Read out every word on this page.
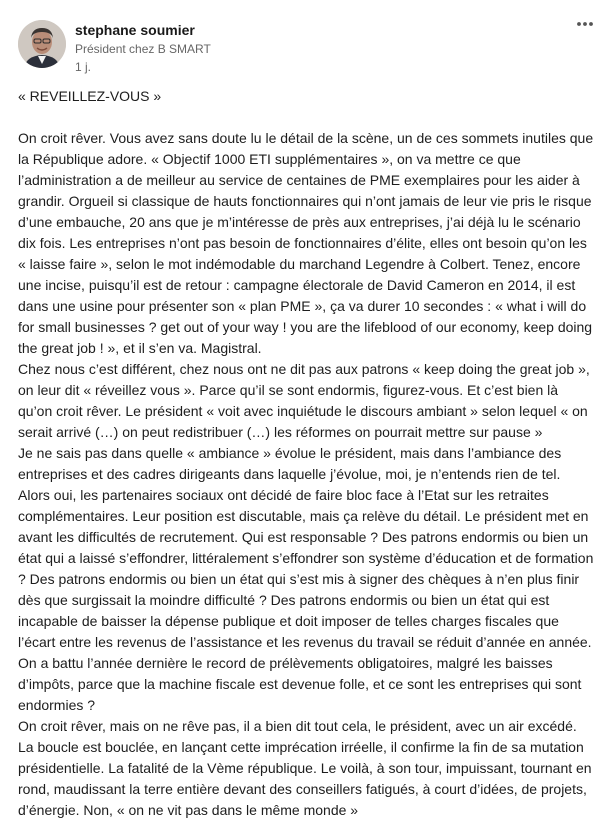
stephane soumier
Président chez B SMART
1 j.

« REVEILLEZ-VOUS »

On croit rêver. Vous avez sans doute lu le détail de la scène, un de ces sommets inutiles que la République adore. « Objectif 1000 ETI supplémentaires », on va mettre ce que l’administration a de meilleur au service de centaines de PME exemplaires pour les aider à grandir. Orgueil si classique de hauts fonctionnaires qui n’ont jamais de leur vie pris le risque d’une embauche, 20 ans que je m’intéresse de près aux entreprises, j’ai déjà lu le scénario dix fois. Les entreprises n’ont pas besoin de fonctionnaires d’élite, elles ont besoin qu’on les « laisse faire », selon le mot indémodable du marchand Legendre à Colbert. Tenez, encore une incise, puisqu’il est de retour : campagne électorale de David Cameron en 2014, il est dans une usine pour présenter son « plan PME », ça va durer 10 secondes : « what i will do for small businesses ? get out of your way ! you are the lifeblood of our economy, keep doing the great job ! », et il s’en va. Magistral.

Chez nous c’est différent, chez nous ont ne dit pas aux patrons « keep doing the great job », on leur dit « réveillez vous ». Parce qu’il se sont endormis, figurez-vous. Et c’est bien là qu’on croit rêver. Le président « voit avec inquiétude le discours ambiant » selon lequel « on serait arrivé (…) on peut redistribuer (…) les réformes on pourrait mettre sur pause »

Je ne sais pas dans quelle « ambiance » évolue le président, mais dans l’ambiance des entreprises et des cadres dirigeants dans laquelle j’évolue, moi, je n’entends rien de tel. Alors oui, les partenaires sociaux ont décidé de faire bloc face à l’Etat sur les retraites complémentaires. Leur position est discutable, mais ça relève du détail. Le président met en avant les difficultés de recrutement. Qui est responsable ? Des patrons endormis ou bien un état qui a laissé s’effondrer, littéralement s’effondrer son système d’éducation et de formation ? Des patrons endormis ou bien un état qui s’est mis à signer des chèques à n’en plus finir dès que surgissait la moindre difficulté ? Des patrons endormis ou bien un état qui est incapable de baisser la dépense publique et doit imposer de telles charges fiscales que l’écart entre les revenus de l’assistance et les revenus du travail se réduit d’année en année. On a battu l’année dernière le record de prélèvements obligatoires, malgré les baisses d’impôts, parce que la machine fiscale est devenue folle, et ce sont les entreprises qui sont endormies ?

On croit rêver, mais on ne rêve pas, il a bien dit tout cela, le président, avec un air excédé. La boucle est bouclée, en lançant cette imprécation irréelle, il confirme la fin de sa mutation présidentielle. La fatalité de la Vème république. Le voilà, à son tour, impuissant, tournant en rond, maudissant la terre entière devant des conseillers fatigués, à court d’idées, de projets, d’énergie. Non, « on ne vit pas dans le même monde »
